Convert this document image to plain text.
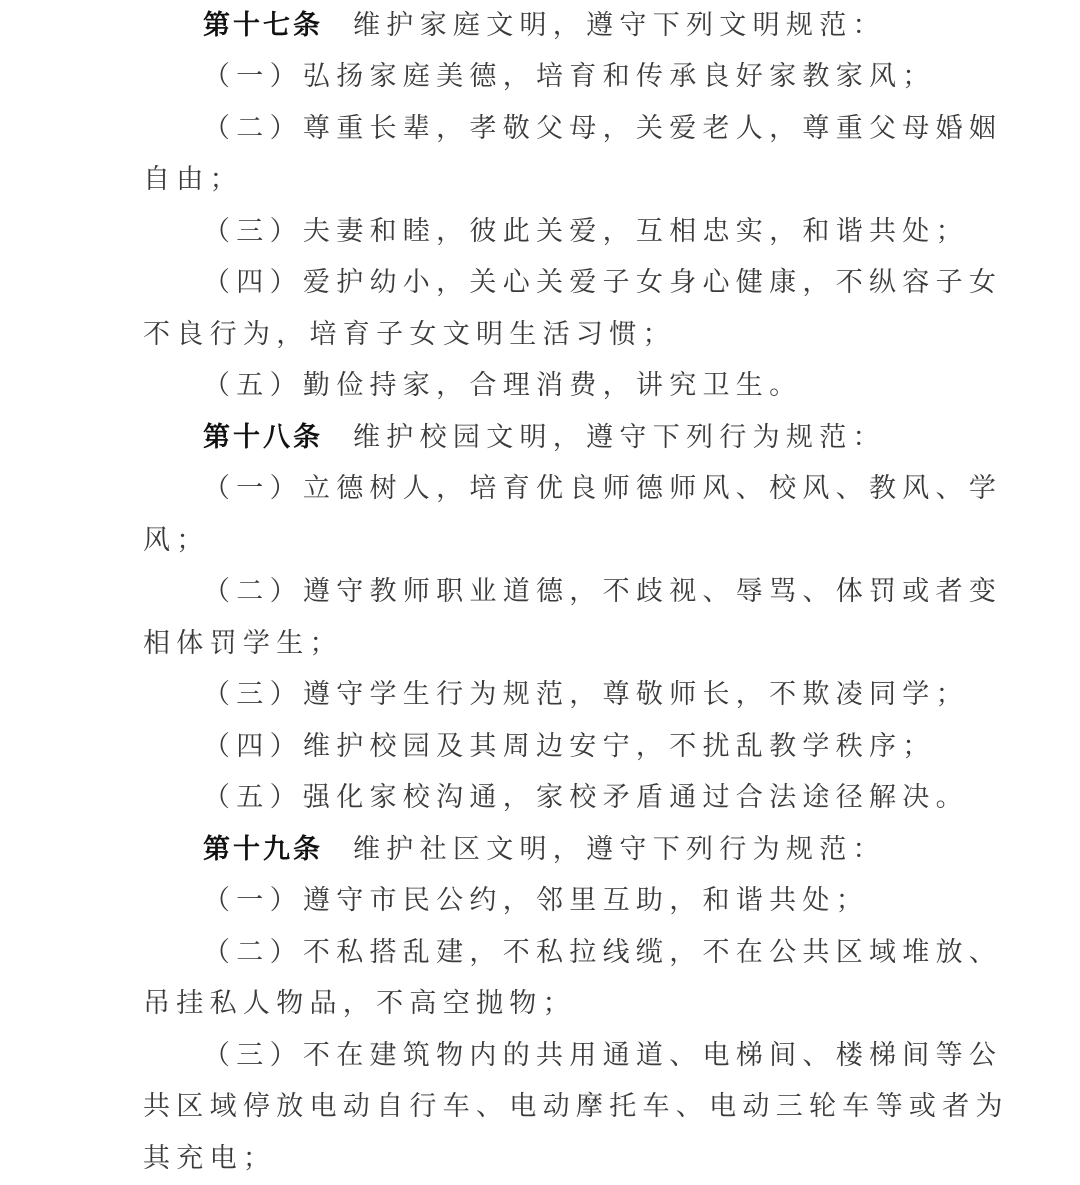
第十七条 维护家庭文明，遵守下列文明规范：
（一）弘扬家庭美德，培育和传承良好家教家风；
（二）尊重长辈，孝敬父母，关爱老人，尊重父母婚姻
自由；
（三）夫妻和睦，彼此关爱，互相忠实，和谐共处；
（四）爱护幼小，关心关爱子女身心健康，不纵容子女
不良行为，培育子女文明生活习惯；
（五）勤俭持家，合理消费，讲究卫生。
第十八条 维护校园文明，遵守下列行为规范：
（一）立德树人，培育优良师德师风、校风、教风、学
风；
（二）遵守教师职业道德，不歧视、辱骂、体罚或者变
相体罚学生；
（三）遵守学生行为规范，尊敬师长，不欺凌同学；
（四）维护校园及其周边安宁，不扰乱教学秩序；
（五）强化家校沟通，家校矛盾通过合法途径解决。
第十九条 维护社区文明，遵守下列行为规范：
（一）遵守市民公约，邻里互助，和谐共处；
（二）不私搭乱建，不私拉线缆，不在公共区域堆放、
吊挂私人物品，不高空抛物；
（三）不在建筑物内的共用通道、电梯间、楼梯间等公
共区域停放电动自行车、电动摩托车、电动三轮车等或者为
其充电；
